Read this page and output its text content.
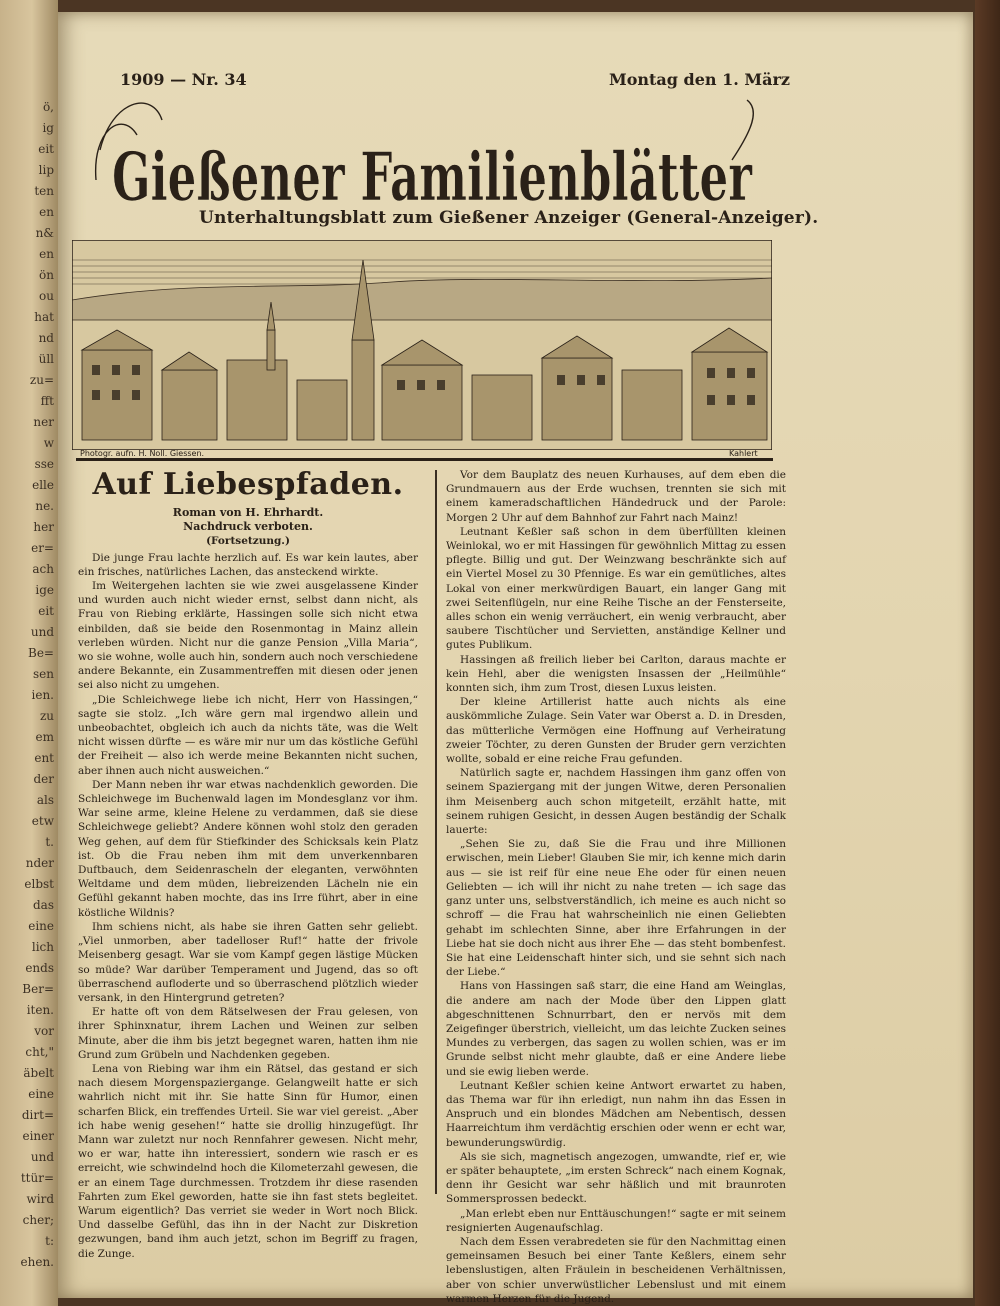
ö,
ig
eit
lip
ten
en
n&
en
ön
ou
hat
nd
üll
zu=
fft
ner
w
sse
elle
ne.
her
er=
ach
ige
eit
und
Be=
sen
ien.
zu
em
ent
der
als
etw
t.
nder
elbst
das
eine
lich
ends
Ber=
iten.
vor
cht,"
äbelt
eine
dirt=
einer
und
ttür=
wird
cher;
t:
ehen.
1909 — Nr. 34	Montag den 1. März
Gießener Familienblätter
Unterhaltungsblatt zum Gießener Anzeiger (General-Anzeiger).
Photogr. aufn. H. Noll. Giessen.	Kahlert
Auf Liebespfaden.
Roman von H. Ehrhardt.
Nachdruck verboten.
(Fortsetzung.)

Die junge Frau lachte herzlich auf. Es war kein lautes, aber ein frisches, natürliches Lachen, das ansteckend wirkte.

Im Weitergehen lachten sie wie zwei ausgelassene Kinder und wurden auch nicht wieder ernst, selbst dann nicht, als Frau von Riebing erklärte, Hassingen solle sich nicht etwa einbilden, daß sie beide den Rosenmontag in Mainz allein verleben würden. Nicht nur die ganze Pension „Villa Maria“, wo sie wohne, wolle auch hin, sondern auch noch verschiedene andere Bekannte, ein Zusammentreffen mit diesen oder jenen sei also nicht zu umgehen.

„Die Schleichwege liebe ich nicht, Herr von Hassingen,“ sagte sie stolz. „Ich wäre gern mal irgendwo allein und unbeobachtet, obgleich ich auch da nichts täte, was die Welt nicht wissen dürfte — es wäre mir nur um das köstliche Gefühl der Freiheit — also ich werde meine Bekannten nicht suchen, aber ihnen auch nicht ausweichen.“

Der Mann neben ihr war etwas nachdenklich geworden. Die Schleichwege im Buchenwald lagen im Mondesglanz vor ihm. War seine arme, kleine Helene zu verdammen, daß sie diese Schleichwege geliebt? Andere können wohl stolz den geraden Weg gehen, auf dem für Stiefkinder des Schicksals kein Platz ist. Ob die Frau neben ihm mit dem unverkennbaren Duftbauch, dem Seidenrascheln der eleganten, verwöhnten Weltdame und dem müden, liebreizenden Lächeln nie ein Gefühl gekannt haben mochte, das ins Irre führt, aber in eine köstliche Wildnis?

Ihm schiens nicht, als habe sie ihren Gatten sehr geliebt. „Viel unmorben, aber tadelloser Ruf!“ hatte der frivole Meisenberg gesagt. War sie vom Kampf gegen lästige Mücken so müde? War darüber Temperament und Jugend, das so oft überraschend aufloderte und so überraschend plötzlich wieder versank, in den Hintergrund getreten?

Er hatte oft von dem Rätselwesen der Frau gelesen, von ihrer Sphinxnatur, ihrem Lachen und Weinen zur selben Minute, aber die ihm bis jetzt begegnet waren, hatten ihm nie Grund zum Grübeln und Nachdenken gegeben.

Lena von Riebing war ihm ein Rätsel, das gestand er sich nach diesem Morgenspaziergange. Gelangweilt hatte er sich wahrlich nicht mit ihr. Sie hatte Sinn für Humor, einen scharfen Blick, ein treffendes Urteil. Sie war viel gereist. „Aber ich habe wenig gesehen!“ hatte sie drollig hinzugefügt. Ihr Mann war zuletzt nur noch Rennfahrer gewesen. Nicht mehr, wo er war, hatte ihn interessiert, sondern wie rasch er es erreicht, wie schwindelnd hoch die Kilometerzahl gewesen, die er an einem Tage durchmessen. Trotzdem ihr diese rasenden Fahrten zum Ekel geworden, hatte sie ihn fast stets begleitet. Warum eigentlich? Das verriet sie weder in Wort noch Blick. Und dasselbe Gefühl, das ihn in der Nacht zur Diskretion gezwungen, band ihm auch jetzt, schon im Begriff zu fragen, die Zunge.

Vor dem Bauplatz des neuen Kurhauses, auf dem eben die Grundmauern aus der Erde wuchsen, trennten sie sich mit einem kameradschaftlichen Händedruck und der Parole: Morgen 2 Uhr auf dem Bahnhof zur Fahrt nach Mainz!

Leutnant Keßler saß schon in dem überfüllten kleinen Weinlokal, wo er mit Hassingen für gewöhnlich Mittag zu essen pflegte. Billig und gut. Der Weinzwang beschränkte sich auf ein Viertel Mosel zu 30 Pfennige. Es war ein gemütliches, altes Lokal von einer merkwürdigen Bauart, ein langer Gang mit zwei Seitenflügeln, nur eine Reihe Tische an der Fensterseite, alles schon ein wenig verräuchert, ein wenig verbraucht, aber saubere Tischtücher und Servietten, anständige Kellner und gutes Publikum.

Hassingen aß freilich lieber bei Carlton, daraus machte er kein Hehl, aber die wenigsten Insassen der „Heilmühle“ konnten sich, ihm zum Trost, diesen Luxus leisten.

Der kleine Artillerist hatte auch nichts als eine auskömmliche Zulage. Sein Vater war Oberst a. D. in Dresden, das mütterliche Vermögen eine Hoffnung auf Verheiratung zweier Töchter, zu deren Gunsten der Bruder gern verzichten wollte, sobald er eine reiche Frau gefunden.

Natürlich sagte er, nachdem Hassingen ihm ganz offen von seinem Spaziergang mit der jungen Witwe, deren Personalien ihm Meisenberg auch schon mitgeteilt, erzählt hatte, mit seinem ruhigen Gesicht, in dessen Augen beständig der Schalk lauerte:

„Sehen Sie zu, daß Sie die Frau und ihre Millionen erwischen, mein Lieber! Glauben Sie mir, ich kenne mich darin aus — sie ist reif für eine neue Ehe oder für einen neuen Geliebten — ich will ihr nicht zu nahe treten — ich sage das ganz unter uns, selbstverständlich, ich meine es auch nicht so schroff — die Frau hat wahrscheinlich nie einen Geliebten gehabt im schlechten Sinne, aber ihre Erfahrungen in der Liebe hat sie doch nicht aus ihrer Ehe — das steht bombenfest. Sie hat eine Leidenschaft hinter sich, und sie sehnt sich nach der Liebe.“

Hans von Hassingen saß starr, die eine Hand am Weinglas, die andere am nach der Mode über den Lippen glatt abgeschnittenen Schnurrbart, den er nervös mit dem Zeigefinger überstrich, vielleicht, um das leichte Zucken seines Mundes zu verbergen, das sagen zu wollen schien, was er im Grunde selbst nicht mehr glaubte, daß er eine Andere liebe und sie ewig lieben werde.

Leutnant Keßler schien keine Antwort erwartet zu haben, das Thema war für ihn erledigt, nun nahm ihn das Essen in Anspruch und ein blondes Mädchen am Nebentisch, dessen Haarreichtum ihm verdächtig erschien oder wenn er echt war, bewunderungswürdig.

Als sie sich, magnetisch angezogen, umwandte, rief er, wie er später behauptete, „im ersten Schreck“ nach einem Kognak, denn ihr Gesicht war sehr häßlich und mit braunroten Sommersprossen bedeckt.

„Man erlebt eben nur Enttäuschungen!“ sagte er mit seinem resignierten Augenaufschlag.

Nach dem Essen verabredeten sie für den Nachmittag einen gemeinsamen Besuch bei einer Tante Keßlers, einem sehr lebenslustigen, alten Fräulein in bescheidenen Verhältnissen, aber von schier unverwüstlicher Lebenslust und mit einem warmen Herzen für die Jugend.
